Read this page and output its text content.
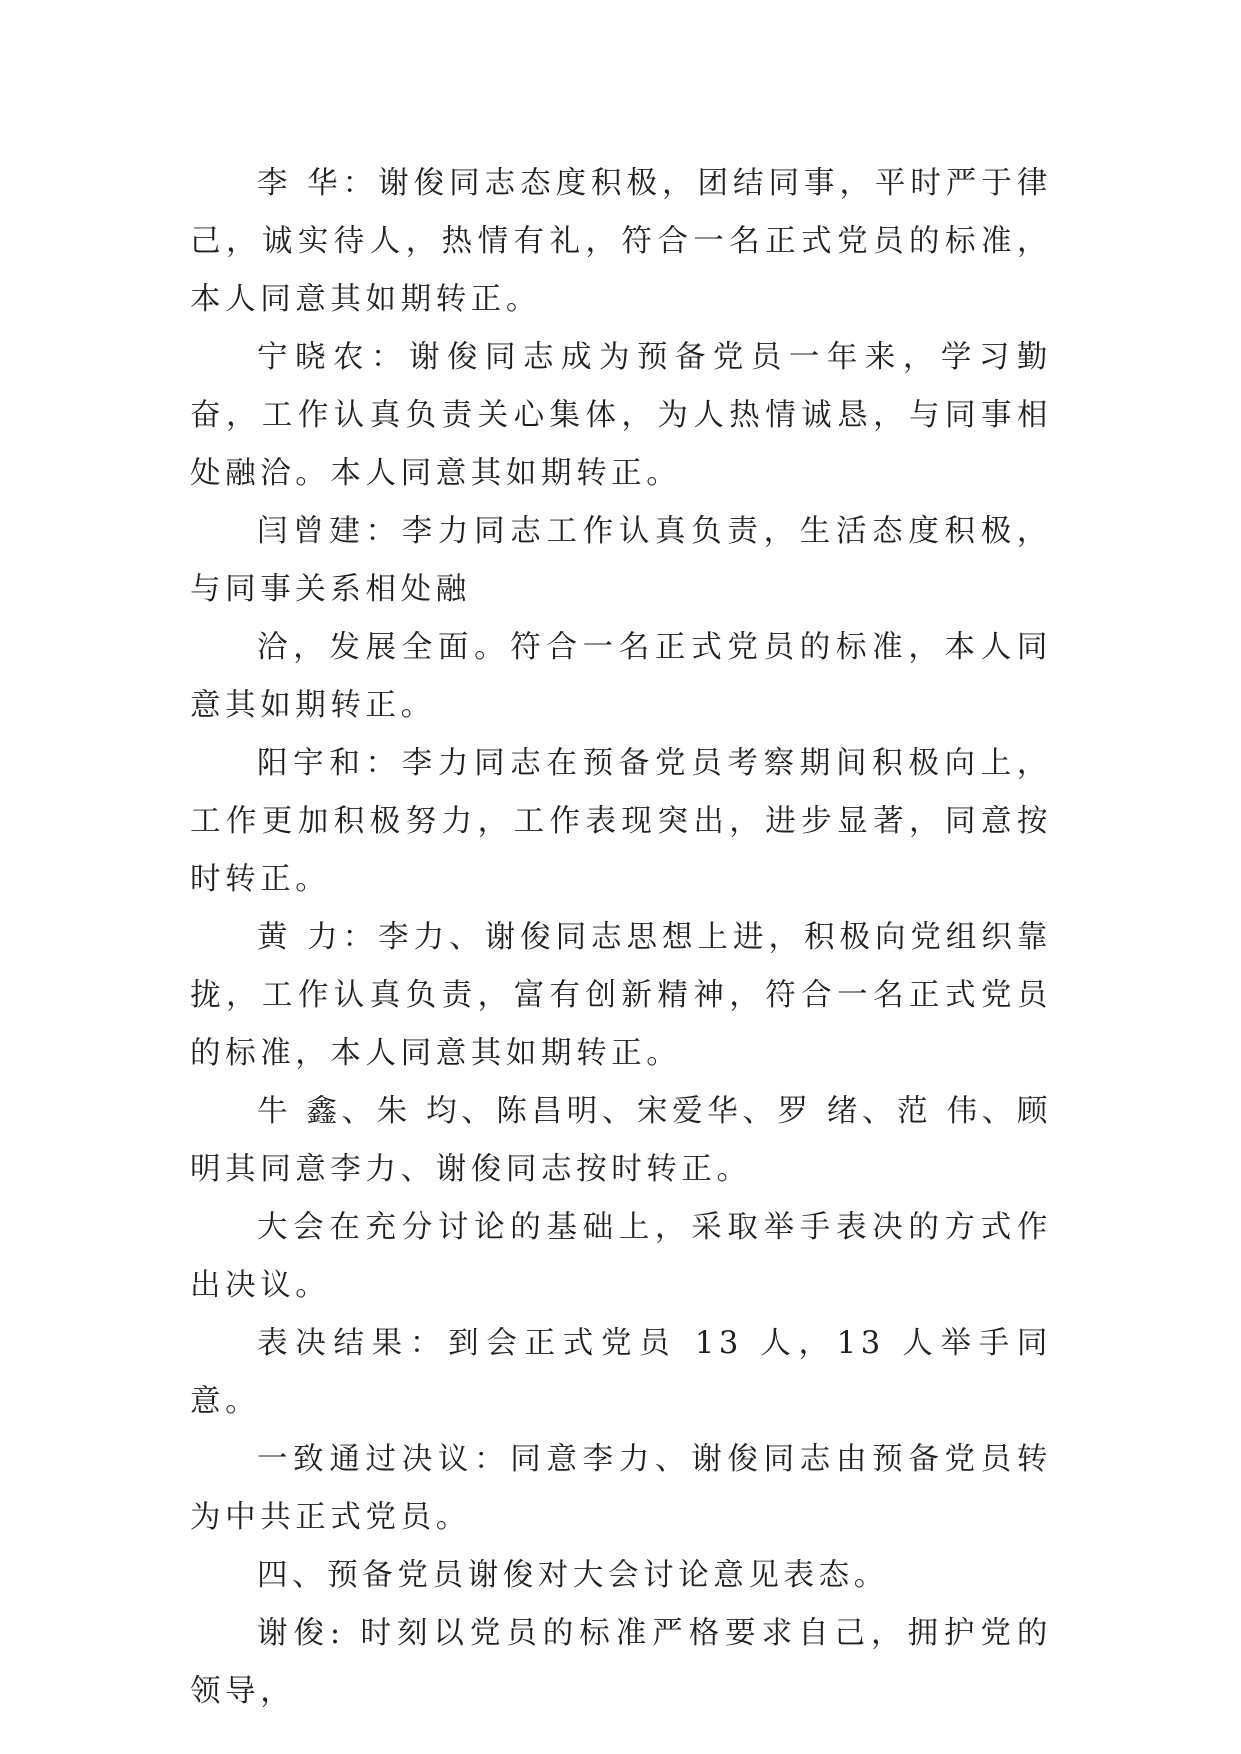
李 华：谢俊同志态度积极，团结同事，平时严于律己，诚实待人，热情有礼，符合一名正式党员的标准，本人同意其如期转正。

宁晓农：谢俊同志成为预备党员一年来，学习勤奋，工作认真负责关心集体，为人热情诚恳，与同事相处融洽。本人同意其如期转正。

闫曾建：李力同志工作认真负责，生活态度积极，与同事关系相处融

洽，发展全面。符合一名正式党员的标准，本人同意其如期转正。

阳宇和：李力同志在预备党员考察期间积极向上，工作更加积极努力，工作表现突出，进步显著，同意按时转正。

黄 力：李力、谢俊同志思想上进，积极向党组织靠拢，工作认真负责，富有创新精神，符合一名正式党员的标准，本人同意其如期转正。

牛 鑫、朱 均、陈昌明、宋爱华、罗 绪、范 伟、顾明其同意李力、谢俊同志按时转正。

大会在充分讨论的基础上，采取举手表决的方式作出决议。

表决结果：到会正式党员 13 人，13 人举手同意。

一致通过决议：同意李力、谢俊同志由预备党员转为中共正式党员。

四、预备党员谢俊对大会讨论意见表态。

谢俊: 时刻以党员的标准严格要求自己，拥护党的领导，
